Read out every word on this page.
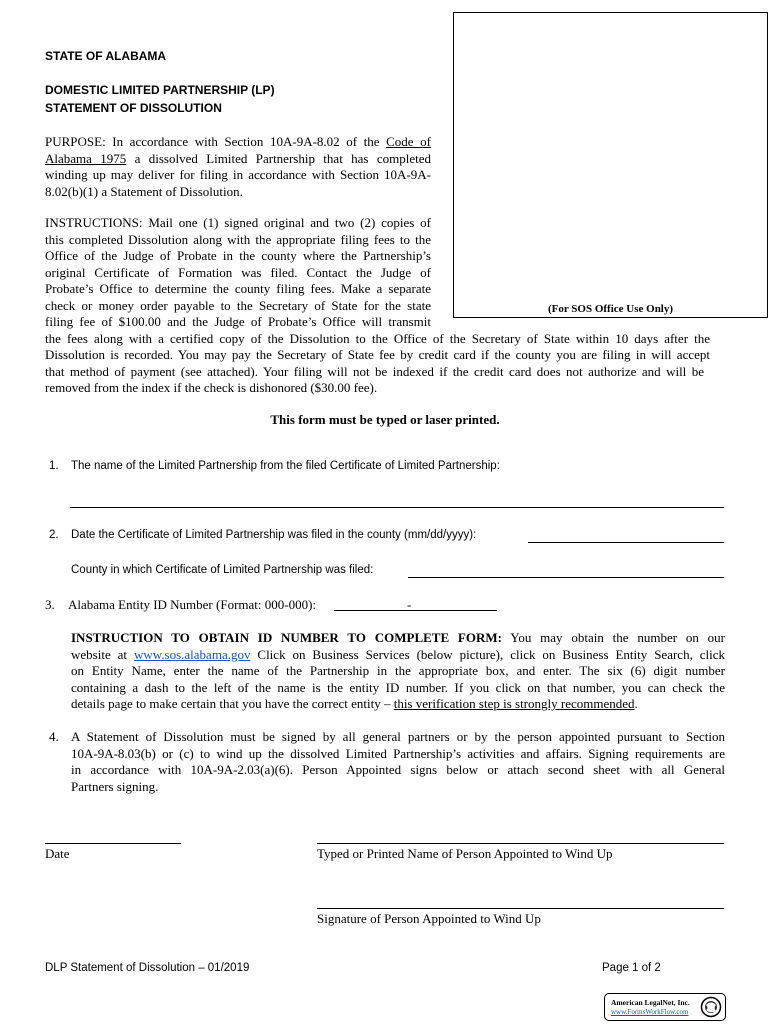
(For SOS Office Use Only)
STATE OF ALABAMA
DOMESTIC LIMITED PARTNERSHIP (LP)
STATEMENT OF DISSOLUTION
PURPOSE: In accordance with Section 10A-9A-8.02 of the Code of
Alabama 1975 a dissolved Limited Partnership that has completed
winding up may deliver for filing in accordance with Section 10A-9A-
8.02(b)(1) a Statement of Dissolution.
INSTRUCTIONS: Mail one (1) signed original and two (2) copies of
this completed Dissolution along with the appropriate filing fees to the
Office of the Judge of Probate in the county where the Partnership’s
original Certificate of Formation was filed. Contact the Judge of
Probate’s Office to determine the county filing fees. Make a separate
check or money order payable to the Secretary of State for the state
filing fee of $100.00 and the Judge of Probate’s Office will transmit
the fees along with a certified copy of the Dissolution to the Office of the Secretary of State within 10 days after the
Dissolution is recorded. You may pay the Secretary of State fee by credit card if the county you are filing in will accept
that method of payment (see attached). Your filing will not be indexed if the credit card does not authorize and will be
removed from the index if the check is dishonored ($30.00 fee).
This form must be typed or laser printed.
1. The name of the Limited Partnership from the filed Certificate of Limited Partnership:
2. Date the Certificate of Limited Partnership was filed in the county (mm/dd/yyyy):
County in which Certificate of Limited Partnership was filed:
3. Alabama Entity ID Number (Format: 000-000):	-
INSTRUCTION TO OBTAIN ID NUMBER TO COMPLETE FORM: You may obtain the number on our
website at www.sos.alabama.gov Click on Business Services (below picture), click on Business Entity Search, click
on Entity Name, enter the name of the Partnership in the appropriate box, and enter. The six (6) digit number
containing a dash to the left of the name is the entity ID number. If you click on that number, you can check the
details page to make certain that you have the correct entity – this verification step is strongly recommended.
4. A Statement of Dissolution must be signed by all general partners or by the person appointed pursuant to Section
10A-9A-8.03(b) or (c) to wind up the dissolved Limited Partnership’s activities and affairs. Signing requirements are
in accordance with 10A-9A-2.03(a)(6). Person Appointed signs below or attach second sheet with all General
Partners signing.
Date	Typed or Printed Name of Person Appointed to Wind Up
Signature of Person Appointed to Wind Up
DLP Statement of Dissolution – 01/2019	Page 1 of 2
American LegalNet, Inc.
www.FormsWorkFlow.com
